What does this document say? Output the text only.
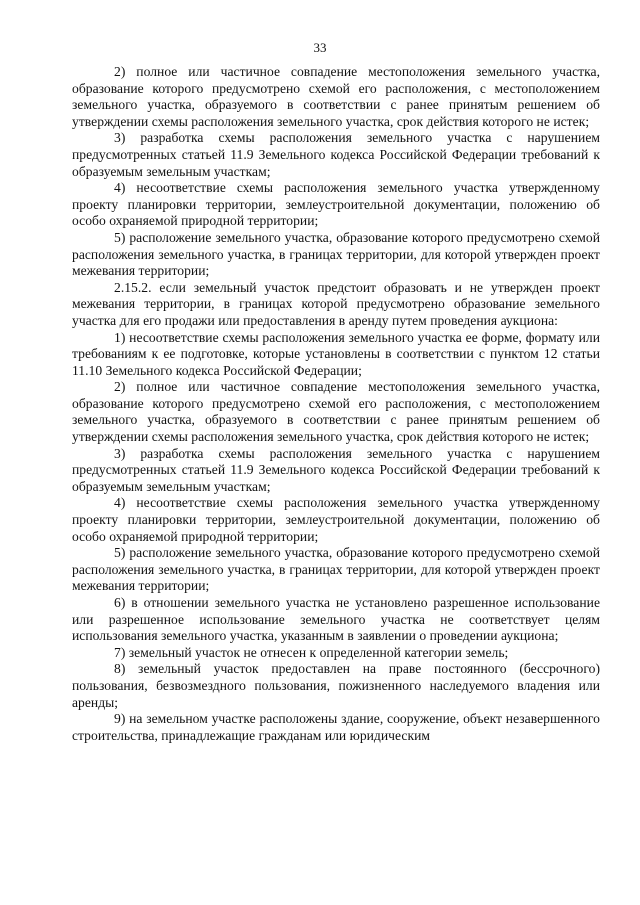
33

2) полное или частичное совпадение местоположения земельного участка, образование которого предусмотрено схемой его расположения, с местоположением земельного участка, образуемого в соответствии с ранее принятым решением об утверждении схемы расположения земельного участка, срок действия которого не истек;

3) разработка схемы расположения земельного участка с нарушением предусмотренных статьей 11.9 Земельного кодекса Российской Федерации требований к образуемым земельным участкам;

4) несоответствие схемы расположения земельного участка утвержденному проекту планировки территории, землеустроительной документации, положению об особо охраняемой природной территории;

5) расположение земельного участка, образование которого предусмотрено схемой расположения земельного участка, в границах территории, для которой утвержден проект межевания территории;

2.15.2. если земельный участок предстоит образовать и не утвержден проект межевания территории, в границах которой предусмотрено образование земельного участка для его продажи или предоставления в аренду путем проведения аукциона:

1) несоответствие схемы расположения земельного участка ее форме, формату или требованиям к ее подготовке, которые установлены в соответствии с пунктом 12 статьи 11.10 Земельного кодекса Российской Федерации;

2) полное или частичное совпадение местоположения земельного участка, образование которого предусмотрено схемой его расположения, с местоположением земельного участка, образуемого в соответствии с ранее принятым решением об утверждении схемы расположения земельного участка, срок действия которого не истек;

3) разработка схемы расположения земельного участка с нарушением предусмотренных статьей 11.9 Земельного кодекса Российской Федерации требований к образуемым земельным участкам;

4) несоответствие схемы расположения земельного участка утвержденному проекту планировки территории, землеустроительной документации, положению об особо охраняемой природной территории;

5) расположение земельного участка, образование которого предусмотрено схемой расположения земельного участка, в границах территории, для которой утвержден проект межевания территории;

6) в отношении земельного участка не установлено разрешенное использование или разрешенное использование земельного участка не соответствует целям использования земельного участка, указанным в заявлении о проведении аукциона;

7) земельный участок не отнесен к определенной категории земель;

8) земельный участок предоставлен на праве постоянного (бессрочного) пользования, безвозмездного пользования, пожизненного наследуемого владения или аренды;

9) на земельном участке расположены здание, сооружение, объект незавершенного строительства, принадлежащие гражданам или юридическим
